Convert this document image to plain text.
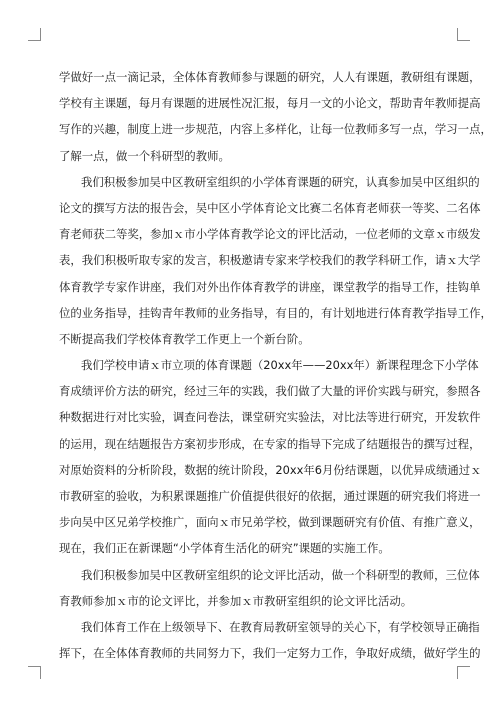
学做好一点一滴记录，全体体育教师参与课题的研究，人人有课题，教研组有课题，
学校有主课题，每月有课题的进展性况汇报，每月一文的小论文，帮助青年教师提高
写作的兴趣，制度上进一步规范，内容上多样化，让每一位教师多写一点，学习一点，
了解一点，做一个科研型的教师。
我们积极参加吴中区教研室组织的小学体育课题的研究，认真参加吴中区组织的
论文的撰写方法的报告会，吴中区小学体育论文比赛二名体育老师获一等奖、二名体
育老师获二等奖，参加ｘ市小学体育教学论文的评比活动，一位老师的文章ｘ市级发
表，我们积极听取专家的发言，积极邀请专家来学校我们的教学科研工作，请ｘ大学
体育教学专家作讲座，我们对外出作体育教学的讲座，课堂教学的指导工作，挂钩单
位的业务指导，挂钩青年教师的业务指导，有目的，有计划地进行体育教学指导工作，
不断提高我们学校体育教学工作更上一个新台阶。
我们学校申请ｘ市立项的体育课题（20xx年——20xx年）新课程理念下小学体
育成绩评价方法的研究，经过三年的实践，我们做了大量的评价实践与研究，参照各
种数据进行对比实验，调查问卷法，课堂研究实验法，对比法等进行研究，开发软件
的运用，现在结题报告方案初步形成，在专家的指导下完成了结题报告的撰写过程，
对原始资料的分析阶段，数据的统计阶段，20xx年6月份结课题，以优异成绩通过ｘ
市教研室的验收，为积累课题推广价值提供很好的依据，通过课题的研究我们将进一
步向吴中区兄弟学校推广，面向ｘ市兄弟学校，做到课题研究有价值、有推广意义，
现在，我们正在新课题“小学体育生活化的研究”课题的实施工作。
我们积极参加吴中区教研室组织的论文评比活动，做一个科研型的教师，三位体
育教师参加ｘ市的论文评比，并参加ｘ市教研室组织的论文评比活动。
我们体育工作在上级领导下、在教育局教研室领导的关心下，有学校领导正确指
挥下，在全体体育教师的共同努力下，我们一定努力工作，争取好成绩，做好学生的
